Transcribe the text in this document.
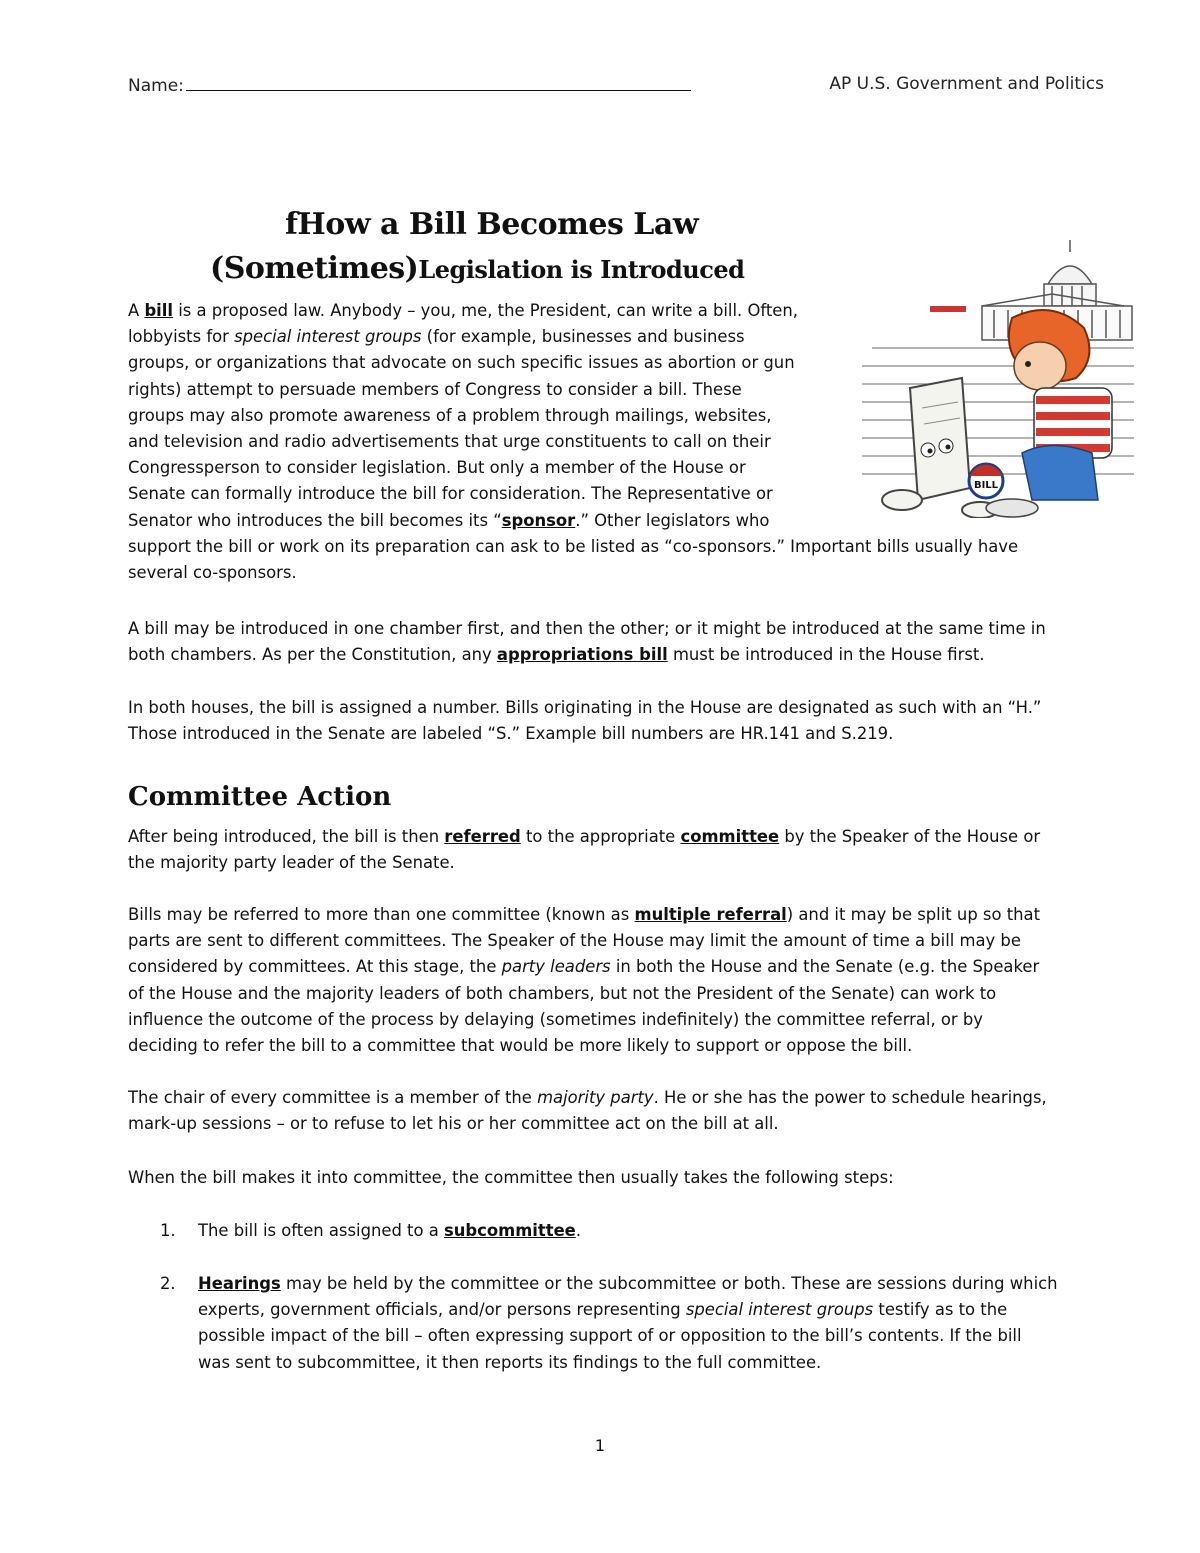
Name:	AP U.S. Government and Politics
fHow a Bill Becomes Law
(Sometimes)Legislation is Introduced
BILL

A bill is a proposed law. Anybody – you, me, the President, can write a bill. Often,

lobbyists for special interest groups (for example, businesses and business

groups, or organizations that advocate on such specific issues as abortion or gun

rights) attempt to persuade members of Congress to consider a bill. These

groups may also promote awareness of a problem through mailings, websites,

and television and radio advertisements that urge constituents to call on their

Congressperson to consider legislation. But only a member of the House or

Senate can formally introduce the bill for consideration. The Representative or

Senator who introduces the bill becomes its “sponsor.” Other legislators who

support the bill or work on its preparation can ask to be listed as “co-sponsors.” Important bills usually have

several co-sponsors.

A bill may be introduced in one chamber first, and then the other; or it might be introduced at the same time in

both chambers. As per the Constitution, any appropriations bill must be introduced in the House first.

In both houses, the bill is assigned a number. Bills originating in the House are designated as such with an “H.”

Those introduced in the Senate are labeled “S.” Example bill numbers are HR.141 and S.219.

Committee Action

After being introduced, the bill is then referred to the appropriate committee by the Speaker of the House or

the majority party leader of the Senate.

Bills may be referred to more than one committee (known as multiple referral) and it may be split up so that

parts are sent to different committees. The Speaker of the House may limit the amount of time a bill may be

considered by committees. At this stage, the party leaders in both the House and the Senate (e.g. the Speaker

of the House and the majority leaders of both chambers, but not the President of the Senate) can work to

influence the outcome of the process by delaying (sometimes indefinitely) the committee referral, or by

deciding to refer the bill to a committee that would be more likely to support or oppose the bill.

The chair of every committee is a member of the majority party. He or she has the power to schedule hearings,

mark-up sessions – or to refuse to let his or her committee act on the bill at all.

When the bill makes it into committee, the committee then usually takes the following steps:

1. The bill is often assigned to a subcommittee.
2. Hearings may be held by the committee or the subcommittee or both. These are sessions during which
experts, government officials, and/or persons representing special interest groups testify as to the
possible impact of the bill – often expressing support of or opposition to the bill’s contents. If the bill
was sent to subcommittee, it then reports its findings to the full committee.
1
